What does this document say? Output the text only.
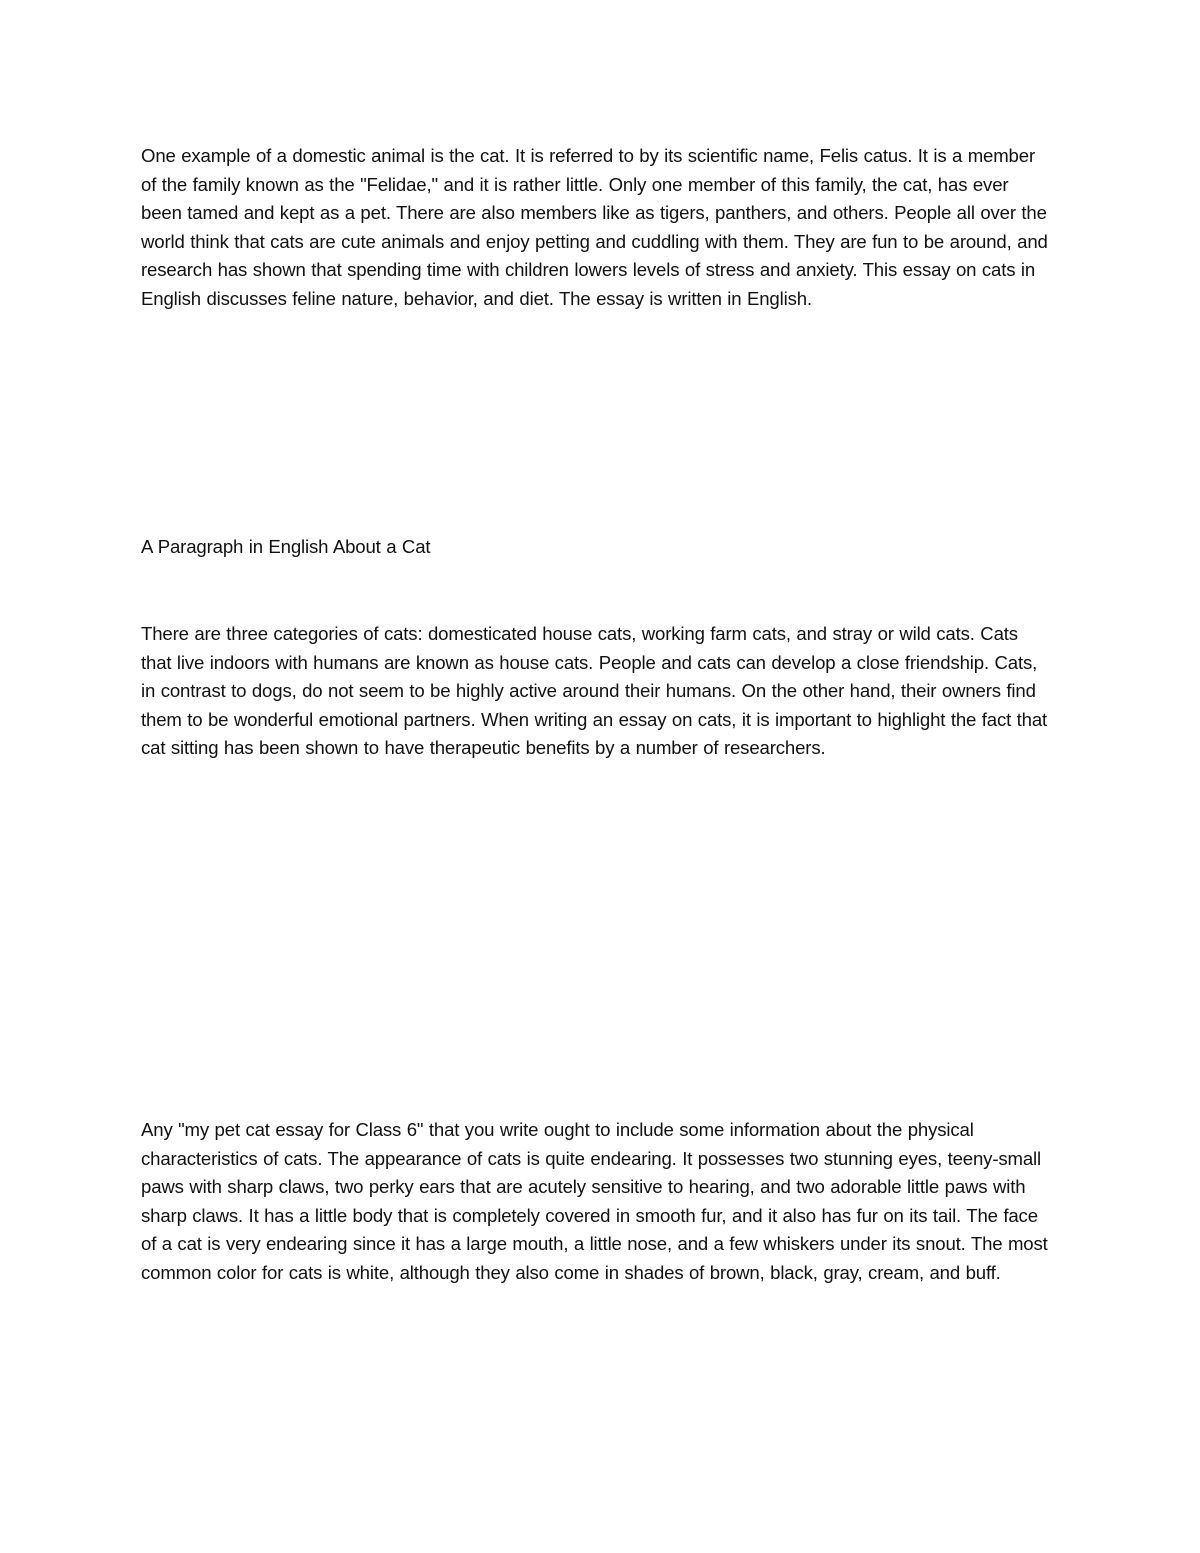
One example of a domestic animal is the cat. It is referred to by its scientific name, Felis catus. It is a member of the family known as the "Felidae," and it is rather little. Only one member of this family, the cat, has ever been tamed and kept as a pet. There are also members like as tigers, panthers, and others. People all over the world think that cats are cute animals and enjoy petting and cuddling with them. They are fun to be around, and research has shown that spending time with children lowers levels of stress and anxiety. This essay on cats in English discusses feline nature, behavior, and diet. The essay is written in English.

A Paragraph in English About a Cat

There are three categories of cats: domesticated house cats, working farm cats, and stray or wild cats. Cats that live indoors with humans are known as house cats. People and cats can develop a close friendship. Cats, in contrast to dogs, do not seem to be highly active around their humans. On the other hand, their owners find them to be wonderful emotional partners. When writing an essay on cats, it is important to highlight the fact that cat sitting has been shown to have therapeutic benefits by a number of researchers.

Any "my pet cat essay for Class 6" that you write ought to include some information about the physical characteristics of cats. The appearance of cats is quite endearing. It possesses two stunning eyes, teeny-small paws with sharp claws, two perky ears that are acutely sensitive to hearing, and two adorable little paws with sharp claws. It has a little body that is completely covered in smooth fur, and it also has fur on its tail. The face of a cat is very endearing since it has a large mouth, a little nose, and a few whiskers under its snout. The most common color for cats is white, although they also come in shades of brown, black, gray, cream, and buff.
